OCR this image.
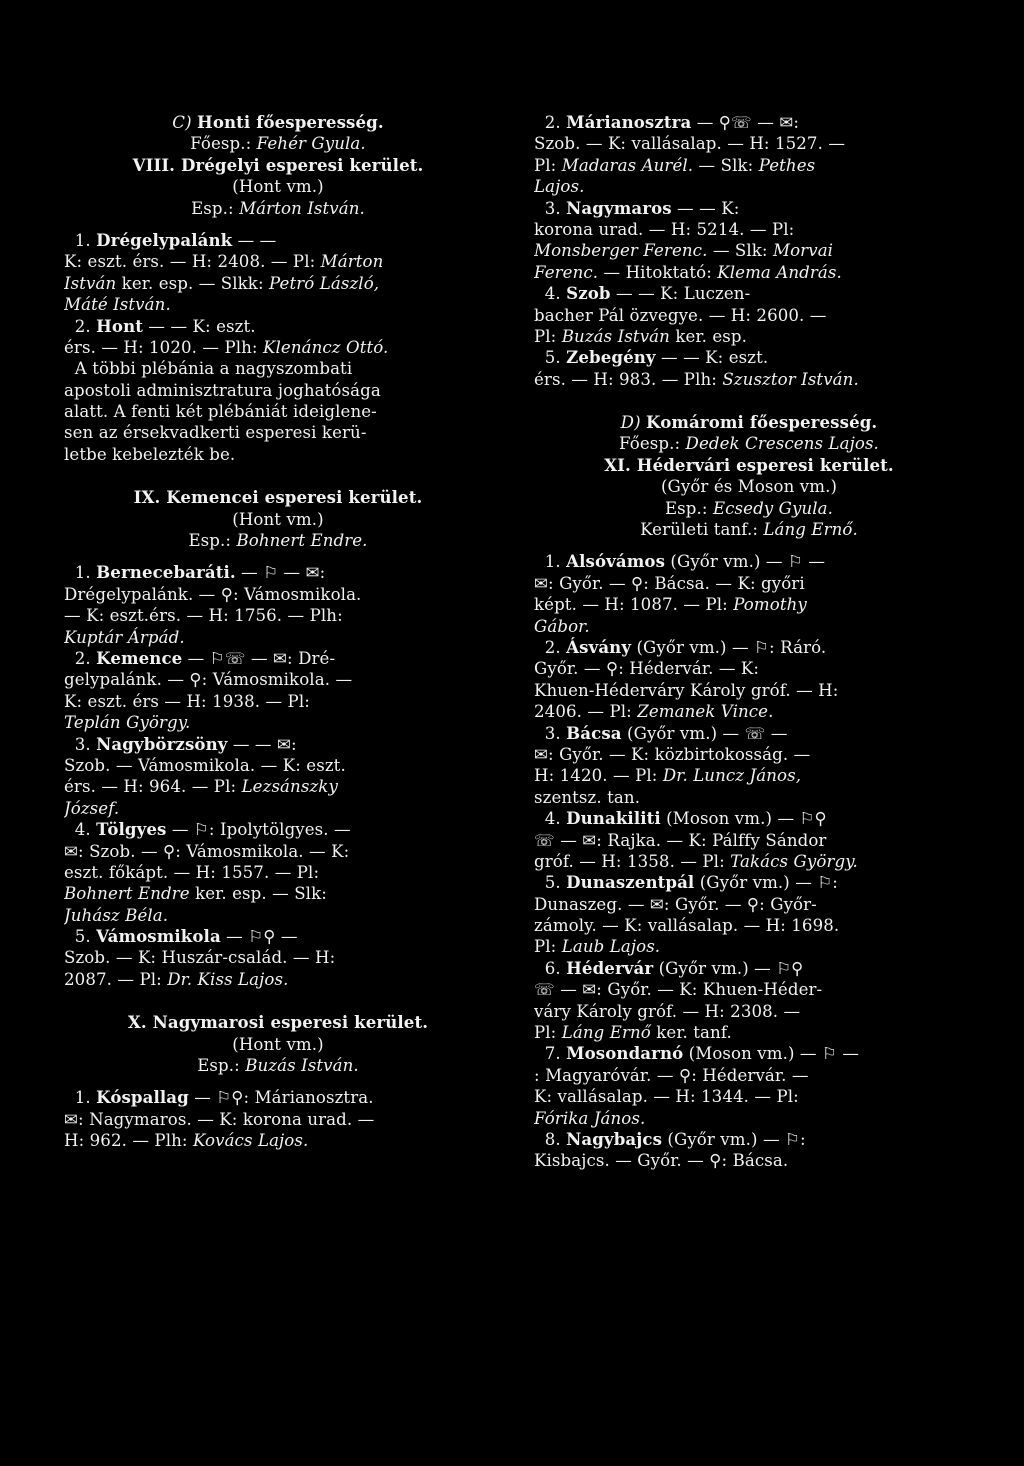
C) Honti főesperesség.
Főesp.: Fehér Gyula.
VIII. Drégelyi esperesi kerület.
(Hont vm.)
Esp.: Márton István.
1. Drégelypalánk — —
K: eszt. érs. — H: 2408. — Pl: Márton
István ker. esp. — Slkk: Petró László,
Máté István.
2. Hont — — K: eszt.
érs. — H: 1020. — Plh: Klenáncz Ottó.
A többi plébánia a nagyszombati
apostoli adminisztratura joghatósága
alatt. A fenti két plébániát ideiglene-
sen az érsekvadkerti esperesi kerü-
letbe kebelezték be.
IX. Kemencei esperesi kerület.
(Hont vm.)
Esp.: Bohnert Endre.
1. Bernecebaráti. — ⚐ — ✉:
Drégelypalánk. — ⚲: Vámosmikola.
— K: eszt.érs. — H: 1756. — Plh:
Kuptár Árpád.
2. Kemence — ⚐☏ — ✉: Dré-
gelypalánk. — ⚲: Vámosmikola. —
K: eszt. érs — H: 1938. — Pl:
Teplán György.
3. Nagybörzsöny — — ✉:
Szob. — Vámosmikola. — K: eszt.
érs. — H: 964. — Pl: Lezsánszky
József.
4. Tölgyes — ⚐: Ipolytölgyes. —
✉: Szob. — ⚲: Vámosmikola. — K:
eszt. főkápt. — H: 1557. — Pl:
Bohnert Endre ker. esp. — Slk:
Juhász Béla.
5. Vámosmikola — ⚐⚲ —
Szob. — K: Huszár-család. — H:
2087. — Pl: Dr. Kiss Lajos.
X. Nagymarosi esperesi kerület.
(Hont vm.)
Esp.: Buzás István.
1. Kóspallag — ⚐⚲: Márianosztra.
✉: Nagymaros. — K: korona urad. —
H: 962. — Plh: Kovács Lajos.
2. Márianosztra — ⚲☏ — ✉:
Szob. — K: vallásalap. — H: 1527. —
Pl: Madaras Aurél. — Slk: Pethes
Lajos.
3. Nagymaros — — K:
korona urad. — H: 5214. — Pl:
Monsberger Ferenc. — Slk: Morvai
Ferenc. — Hitoktató: Klema András.
4. Szob — — K: Luczen-
bacher Pál özvegye. — H: 2600. —
Pl: Buzás István ker. esp.
5. Zebegény — — K: eszt.
érs. — H: 983. — Plh: Szusztor István.
D) Komáromi főesperesség.
Főesp.: Dedek Crescens Lajos.
XI. Hédervári esperesi kerület.
(Győr és Moson vm.)
Esp.: Ecsedy Gyula.
Kerületi tanf.: Láng Ernő.
1. Alsóvámos (Győr vm.) — ⚐ —
✉: Győr. — ⚲: Bácsa. — K: győri
képt. — H: 1087. — Pl: Pomothy
Gábor.
2. Ásvány (Győr vm.) — ⚐: Ráró.
Győr. — ⚲: Hédervár. — K:
Khuen-Héderváry Károly gróf. — H:
2406. — Pl: Zemanek Vince.
3. Bácsa (Győr vm.) — ☏ —
✉: Győr. — K: közbirtokosság. —
H: 1420. — Pl: Dr. Luncz János,
szentsz. tan.
4. Dunakiliti (Moson vm.) — ⚐⚲
☏ — ✉: Rajka. — K: Pálffy Sándor
gróf. — H: 1358. — Pl: Takács György.
5. Dunaszentpál (Győr vm.) — ⚐:
Dunaszeg. — ✉: Győr. — ⚲: Győr-
zámoly. — K: vallásalap. — H: 1698.
Pl: Laub Lajos.
6. Hédervár (Győr vm.) — ⚐⚲
☏ — ✉: Győr. — K: Khuen-Héder-
váry Károly gróf. — H: 2308. —
Pl: Láng Ernő ker. tanf.
7. Mosondarnó (Moson vm.) — ⚐ —
: Magyaróvár. — ⚲: Hédervár. —
K: vallásalap. — H: 1344. — Pl:
Fórika János.
8. Nagybajcs (Győr vm.) — ⚐:
Kisbajcs. — Győr. — ⚲: Bácsa.
